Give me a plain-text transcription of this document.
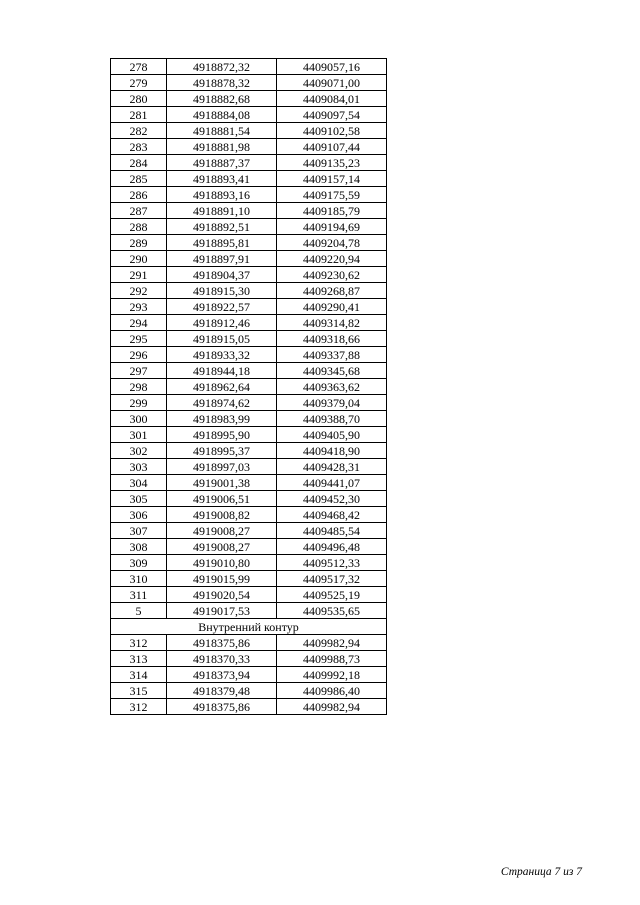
278	4918872,32	4409057,16
279	4918878,32	4409071,00
280	4918882,68	4409084,01
281	4918884,08	4409097,54
282	4918881,54	4409102,58
283	4918881,98	4409107,44
284	4918887,37	4409135,23
285	4918893,41	4409157,14
286	4918893,16	4409175,59
287	4918891,10	4409185,79
288	4918892,51	4409194,69
289	4918895,81	4409204,78
290	4918897,91	4409220,94
291	4918904,37	4409230,62
292	4918915,30	4409268,87
293	4918922,57	4409290,41
294	4918912,46	4409314,82
295	4918915,05	4409318,66
296	4918933,32	4409337,88
297	4918944,18	4409345,68
298	4918962,64	4409363,62
299	4918974,62	4409379,04
300	4918983,99	4409388,70
301	4918995,90	4409405,90
302	4918995,37	4409418,90
303	4918997,03	4409428,31
304	4919001,38	4409441,07
305	4919006,51	4409452,30
306	4919008,82	4409468,42
307	4919008,27	4409485,54
308	4919008,27	4409496,48
309	4919010,80	4409512,33
310	4919015,99	4409517,32
311	4919020,54	4409525,19
5	4919017,53	4409535,65
Внутренний контур		
312	4918375,86	4409982,94
313	4918370,33	4409988,73
314	4918373,94	4409992,18
315	4918379,48	4409986,40
312	4918375,86	4409982,94
Страница 7 из 7
